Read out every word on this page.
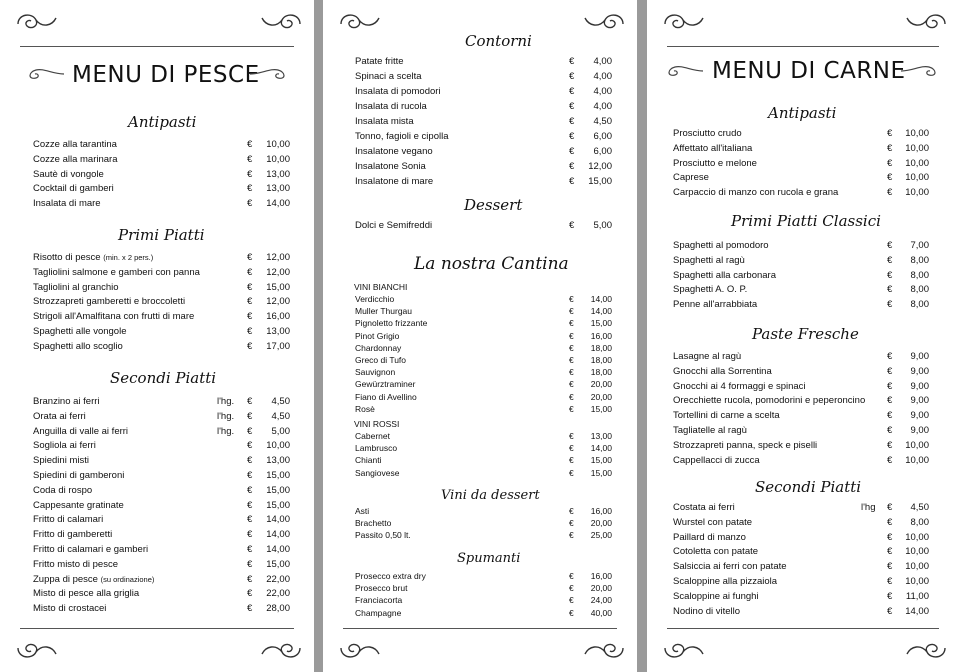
MENU DI PESCE
Antipasti
Cozze alla tarantina	€	10,00
Cozze alla marinara	€	10,00
Sautè di vongole	€	13,00
Cocktail di gamberi	€	13,00
Insalata di mare	€	14,00
Primi Piatti
Risotto di pesce (min. x 2 pers.)	€	12,00
Tagliolini salmone e gamberi con panna	€	12,00
Tagliolini al granchio	€	15,00
Strozzapreti gamberetti e broccoletti	€	12,00
Strigoli all'Amalfitana con frutti di mare	€	16,00
Spaghetti alle vongole	€	13,00
Spaghetti allo scoglio	€	17,00
Secondi Piatti
Branzino ai ferri	l'hg. €	4,50
Orata ai ferri	l'hg. €	4,50
Anguilla di valle ai ferri	l'hg. €	5,00
Sogliola ai ferri	€	10,00
Spiedini misti	€	13,00
Spiedini di gamberoni	€	15,00
Coda di rospo	€	15,00
Cappesante gratinate	€	15,00
Fritto di calamari	€	14,00
Fritto di gamberetti	€	14,00
Fritto di calamari e gamberi	€	14,00
Fritto misto di pesce	€	15,00
Zuppa di pesce (su ordinazione)	€	22,00
Misto di pesce alla griglia	€	22,00
Misto di crostacei	€	28,00
Contorni
Patate fritte	€	4,00
Spinaci a scelta	€	4,00
Insalata di pomodori	€	4,00
Insalata di rucola	€	4,00
Insalata mista	€	4,50
Tonno, fagioli e cipolla	€	6,00
Insalatone vegano	€	6,00
Insalatone Sonia	€	12,00
Insalatone di mare	€	15,00
Dessert
Dolci e Semifreddi	€	5,00
La nostra Cantina
VINI BIANCHI
Verdicchio	€	14,00
Muller Thurgau	€	14,00
Pignoletto frizzante	€	15,00
Pinot Grigio	€	16,00
Chardonnay	€	18,00
Greco di Tufo	€	18,00
Sauvignon	€	18,00
Gewürztraminer	€	20,00
Fiano di Avellino	€	20,00
Rosè	€	15,00
VINI ROSSI
Cabernet	€	13,00
Lambrusco	€	14,00
Chianti	€	15,00
Sangiovese	€	15,00
Vini da dessert
Asti	€	16,00
Brachetto	€	20,00
Passito 0,50 lt.	€	25,00
Spumanti
Prosecco extra dry	€	16,00
Prosecco brut	€	20,00
Franciacorta	€	24,00
Champagne	€	40,00
MENU DI CARNE
Antipasti
Prosciutto crudo	€	10,00
Affettato all'italiana	€	10,00
Prosciutto e melone	€	10,00
Caprese	€	10,00
Carpaccio di manzo con rucola e grana	€	10,00
Primi Piatti Classici
Spaghetti al pomodoro	€	7,00
Spaghetti al ragù	€	8,00
Spaghetti alla carbonara	€	8,00
Spaghetti A. O. P.	€	8,00
Penne all'arrabbiata	€	8,00
Paste Fresche
Lasagne al ragù	€	9,00
Gnocchi alla Sorrentina	€	9,00
Gnocchi ai 4 formaggi e spinaci	€	9,00
Orecchiette rucola, pomodorini e peperoncino €	9,00
Tortellini di carne a scelta	€	9,00
Tagliatelle al ragù	€	9,00
Strozzapreti panna, speck e piselli	€	10,00
Cappellacci di zucca	€	10,00
Secondi Piatti
Costata ai ferri	l'hg €	4,50
Wurstel con patate	€	8,00
Paillard di manzo	€	10,00
Cotoletta con patate	€	10,00
Salsiccia ai ferri con patate	€	10,00
Scaloppine alla pizzaiola	€	10,00
Scaloppine ai funghi	€	11,00
Nodino di vitello	€	14,00
